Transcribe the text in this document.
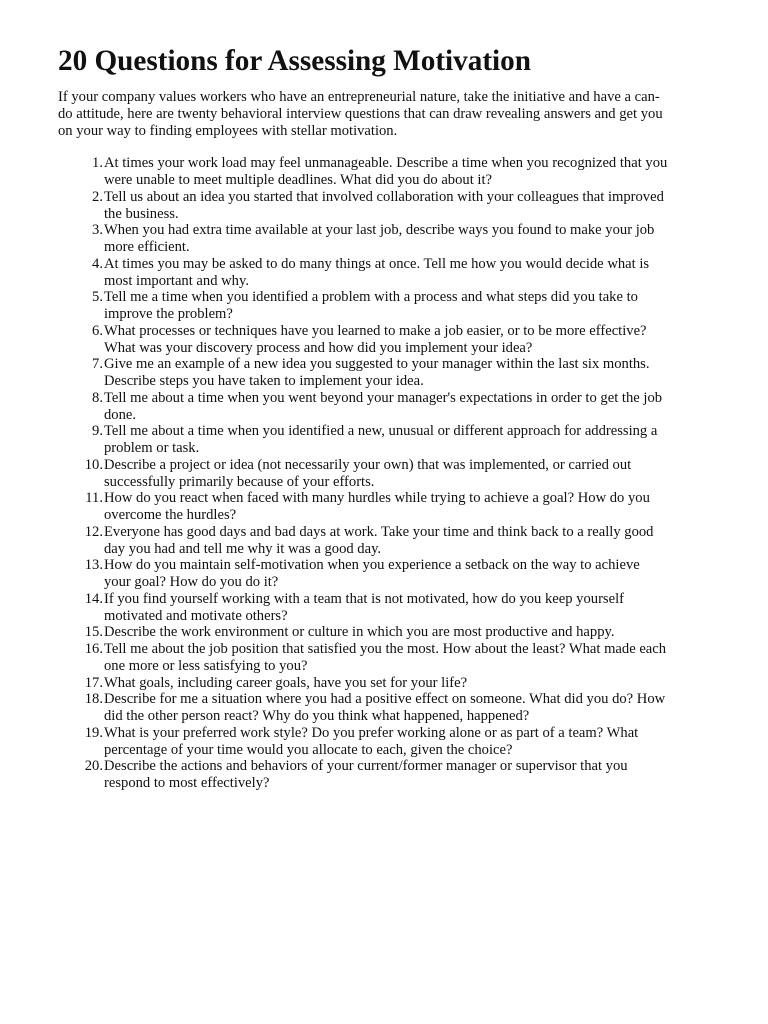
20 Questions for Assessing Motivation
If your company values workers who have an entrepreneurial nature, take the initiative and have a can-
do attitude, here are twenty behavioral interview questions that can draw revealing answers and get you
on your way to finding employees with stellar motivation.
1. At times your work load may feel unmanageable. Describe a time when you recognized that you
were unable to meet multiple deadlines. What did you do about it?
2. Tell us about an idea you started that involved collaboration with your colleagues that improved
the business.
3. When you had extra time available at your last job, describe ways you found to make your job
more efficient.
4. At times you may be asked to do many things at once. Tell me how you would decide what is
most important and why.
5. Tell me a time when you identified a problem with a process and what steps did you take to
improve the problem?
6. What processes or techniques have you learned to make a job easier, or to be more effective?
What was your discovery process and how did you implement your idea?
7. Give me an example of a new idea you suggested to your manager within the last six months.
Describe steps you have taken to implement your idea.
8. Tell me about a time when you went beyond your manager's expectations in order to get the job
done.
9. Tell me about a time when you identified a new, unusual or different approach for addressing a
problem or task.
10. Describe a project or idea (not necessarily your own) that was implemented, or carried out
successfully primarily because of your efforts.
11. How do you react when faced with many hurdles while trying to achieve a goal? How do you
overcome the hurdles?
12. Everyone has good days and bad days at work. Take your time and think back to a really good
day you had and tell me why it was a good day.
13. How do you maintain self-motivation when you experience a setback on the way to achieve
your goal? How do you do it?
14. If you find yourself working with a team that is not motivated, how do you keep yourself
motivated and motivate others?
15. Describe the work environment or culture in which you are most productive and happy.
16. Tell me about the job position that satisfied you the most. How about the least? What made each
one more or less satisfying to you?
17. What goals, including career goals, have you set for your life?
18. Describe for me a situation where you had a positive effect on someone. What did you do? How
did the other person react? Why do you think what happened, happened?
19. What is your preferred work style? Do you prefer working alone or as part of a team? What
percentage of your time would you allocate to each, given the choice?
20. Describe the actions and behaviors of your current/former manager or supervisor that you
respond to most effectively?
